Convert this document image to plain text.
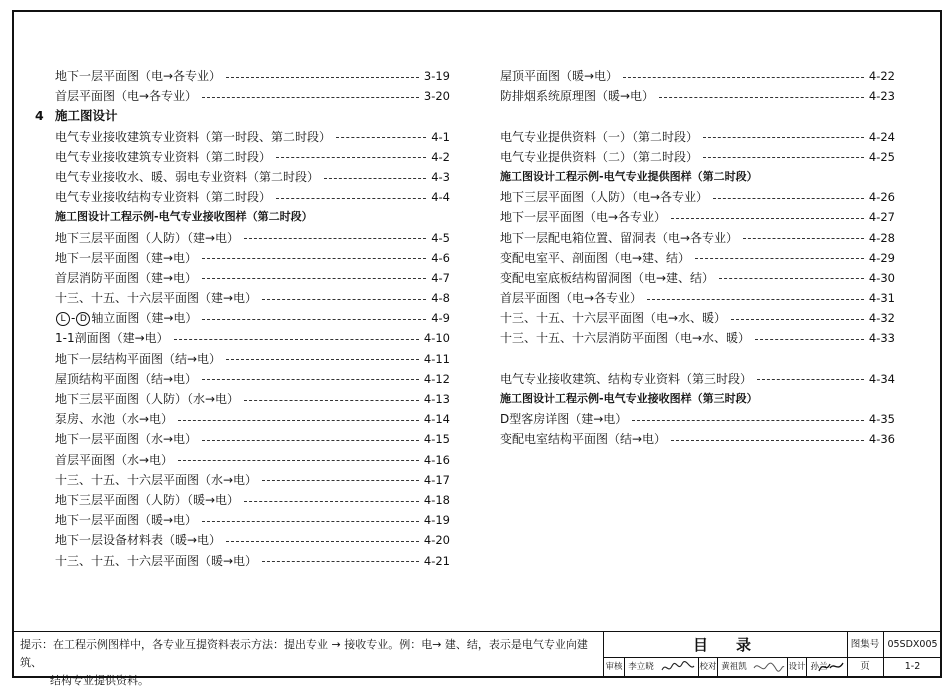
地下一层平面图（电→各专业）	3-19
首层平面图（电→各专业）	3-20
4 施工图设计
电气专业接收建筑专业资料（第一时段、第二时段）	4-1
电气专业接收建筑专业资料（第二时段）	4-2
电气专业接收水、暖、弱电专业资料（第二时段）	4-3
电气专业接收结构专业资料（第二时段）	4-4
施工图设计工程示例-电气专业接收图样（第二时段）
地下三层平面图（人防）（建→电）	4-5
地下一层平面图（建→电）	4-6
首层消防平面图（建→电）	4-7
十三、十五、十六层平面图（建→电）	4-8
L - D 轴立面图（建→电）	4-9
1-1剖面图（建→电）	4-10
地下一层结构平面图（结→电）	4-11
屋顶结构平面图（结→电）	4-12
地下三层平面图（人防）（水→电）	4-13
泵房、水池（水→电）	4-14
地下一层平面图（水→电）	4-15
首层平面图（水→电）	4-16
十三、十五、十六层平面图（水→电）	4-17
地下三层平面图（人防）（暖→电）	4-18
地下一层平面图（暖→电）	4-19
地下一层设备材料表（暖→电）	4-20
十三、十五、十六层平面图（暖→电）	4-21
屋顶平面图（暖→电）	4-22
防排烟系统原理图（暖→电）	4-23
电气专业提供资料（一）（第二时段）	4-24
电气专业提供资料（二）（第二时段）	4-25
施工图设计工程示例-电气专业提供图样（第二时段）
地下三层平面图（人防）（电→各专业）	4-26
地下一层平面图（电→各专业）	4-27
地下一层配电箱位置、留洞表（电→各专业）	4-28
变配电室平、剖面图（电→建、结）	4-29
变配电室底板结构留洞图（电→建、结）	4-30
首层平面图（电→各专业）	4-31
十三、十五、十六层平面图（电→水、暖）	4-32
十三、十五、十六层消防平面图（电→水、暖）	4-33
电气专业接收建筑、结构专业资料（第三时段）	4-34
施工图设计工程示例-电气专业接收图样（第三时段）
D型客房详图（建→电）	4-35
变配电室结构平面图（结→电）	4-36
提示：在工程示例图样中，各专业互提资料表示方法：提出专业 → 接收专业。例：电→ 建、结，表示是电气专业向建筑、
结构专业提供资料。
目录	图集号 05SDX005
页	1-2
审核 李立晓	校对 黄祖凯	设计 孙兰
